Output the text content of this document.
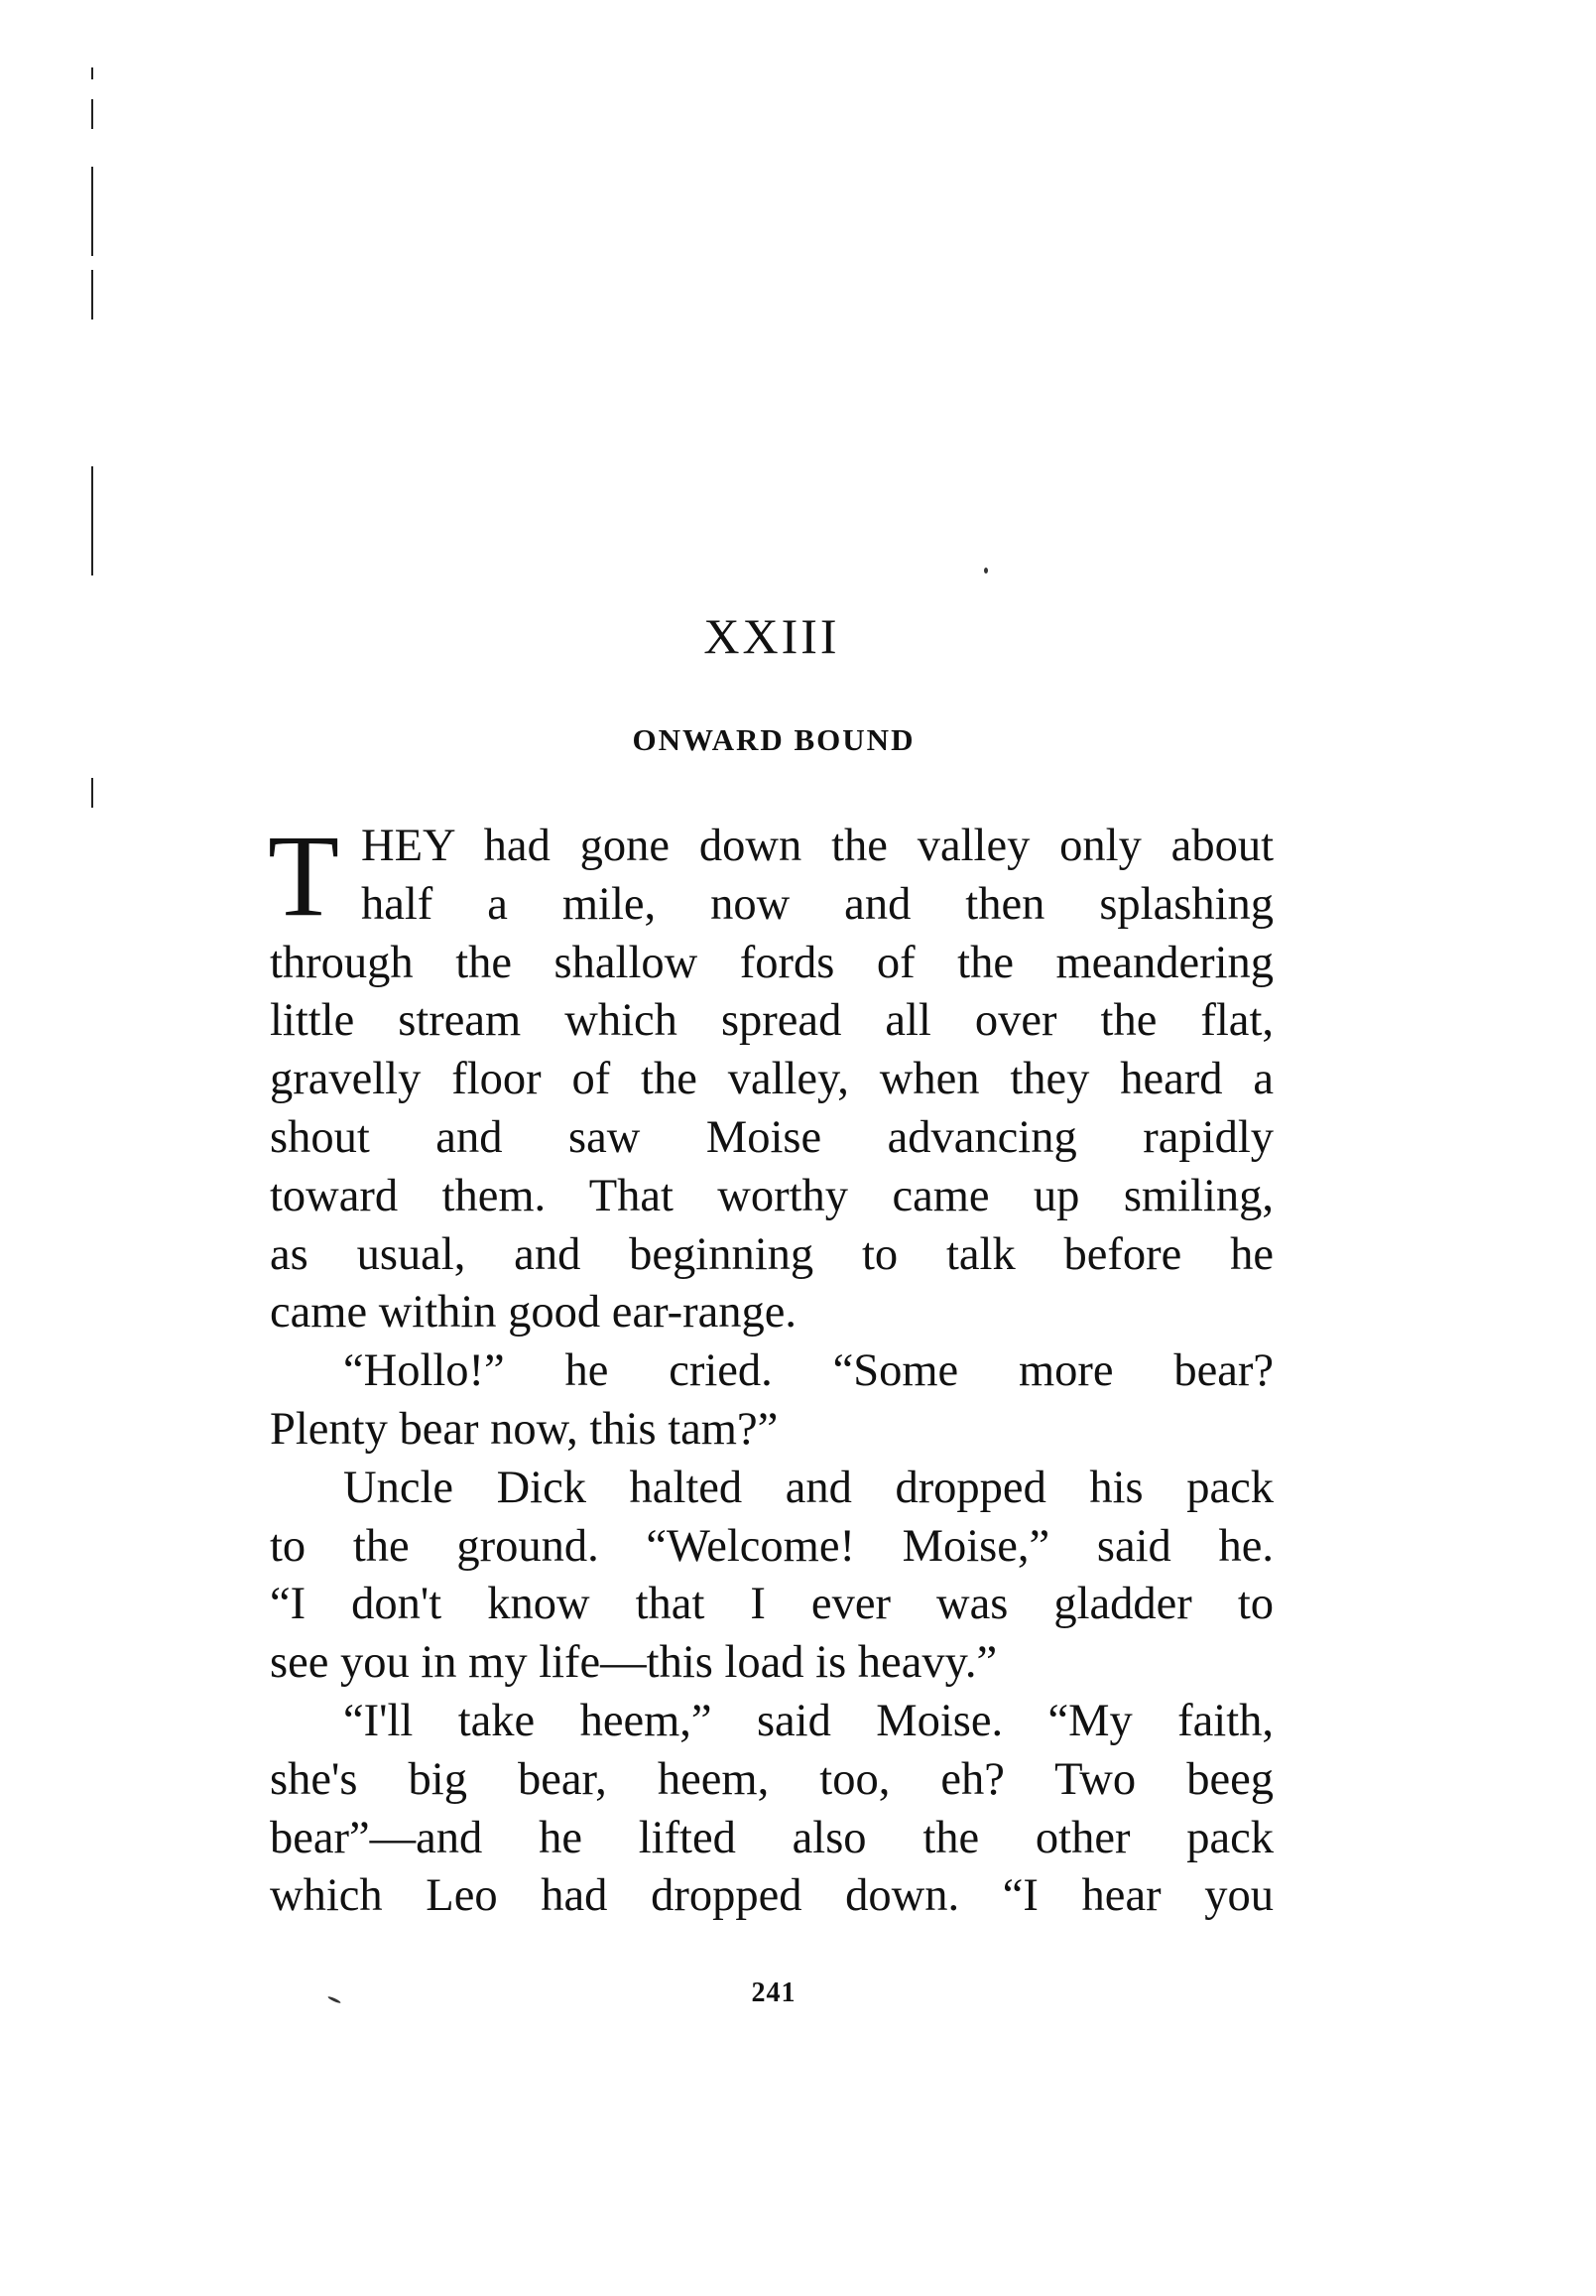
XXIII
ONWARD BOUND
T HEY had gone down the valley only about
half a mile, now and then splashing
through the shallow fords of the meandering
little stream which spread all over the flat,
gravelly floor of the valley, when they heard a
shout and saw Moise advancing rapidly
toward them. That worthy came up smiling,
as usual, and beginning to talk before he
came within good ear-range.
“Hollo!” he cried. “Some more bear?
Plenty bear now, this tam?”
Uncle Dick halted and dropped his pack
to the ground. “Welcome! Moise,” said he.
“I don't know that I ever was gladder to
see you in my life—this load is heavy.”
“I'll take heem,” said Moise. “My faith,
she's big bear, heem, too, eh? Two beeg
bear”—and he lifted also the other pack
which Leo had dropped down. “I hear you
241
